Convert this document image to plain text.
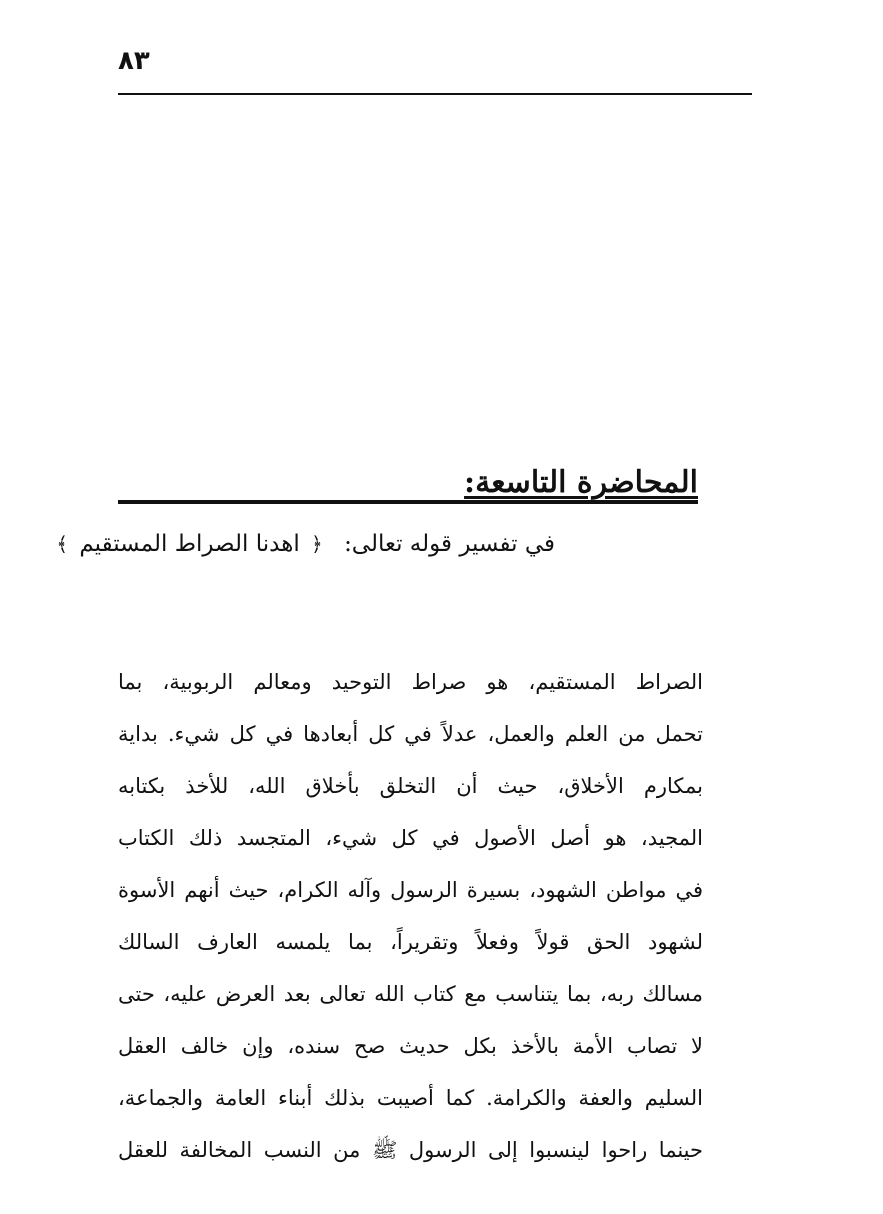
٨٣
المحاضرة التاسعة:
في تفسير قوله تعالى: ﴿ اهدنا الصراط المستقيم ﴾
الصراط المستقيم، هو صراط التوحيد ومعالم الربوبية، بما
تحمل من العلم والعمل، عدلاً في كل أبعادها في كل شيء. بداية
بمكارم الأخلاق، حيث أن التخلق بأخلاق الله، للأخذ بكتابه
المجيد، هو أصل الأصول في كل شيء، المتجسد ذلك الكتاب
في مواطن الشهود، بسيرة الرسول وآله الكرام، حيث أنهم الأسوة
لشهود الحق قولاً وفعلاً وتقريراً، بما يلمسه العارف السالك
مسالك ربه، بما يتناسب مع كتاب الله تعالى بعد العرض عليه، حتى
لا تصاب الأمة بالأخذ بكل حديث صح سنده، وإن خالف العقل
السليم والعفة والكرامة. كما أصيبت بذلك أبناء العامة والجماعة،
حينما راحوا لينسبوا إلى الرسول ﷺ من النسب المخالفة للعقل
